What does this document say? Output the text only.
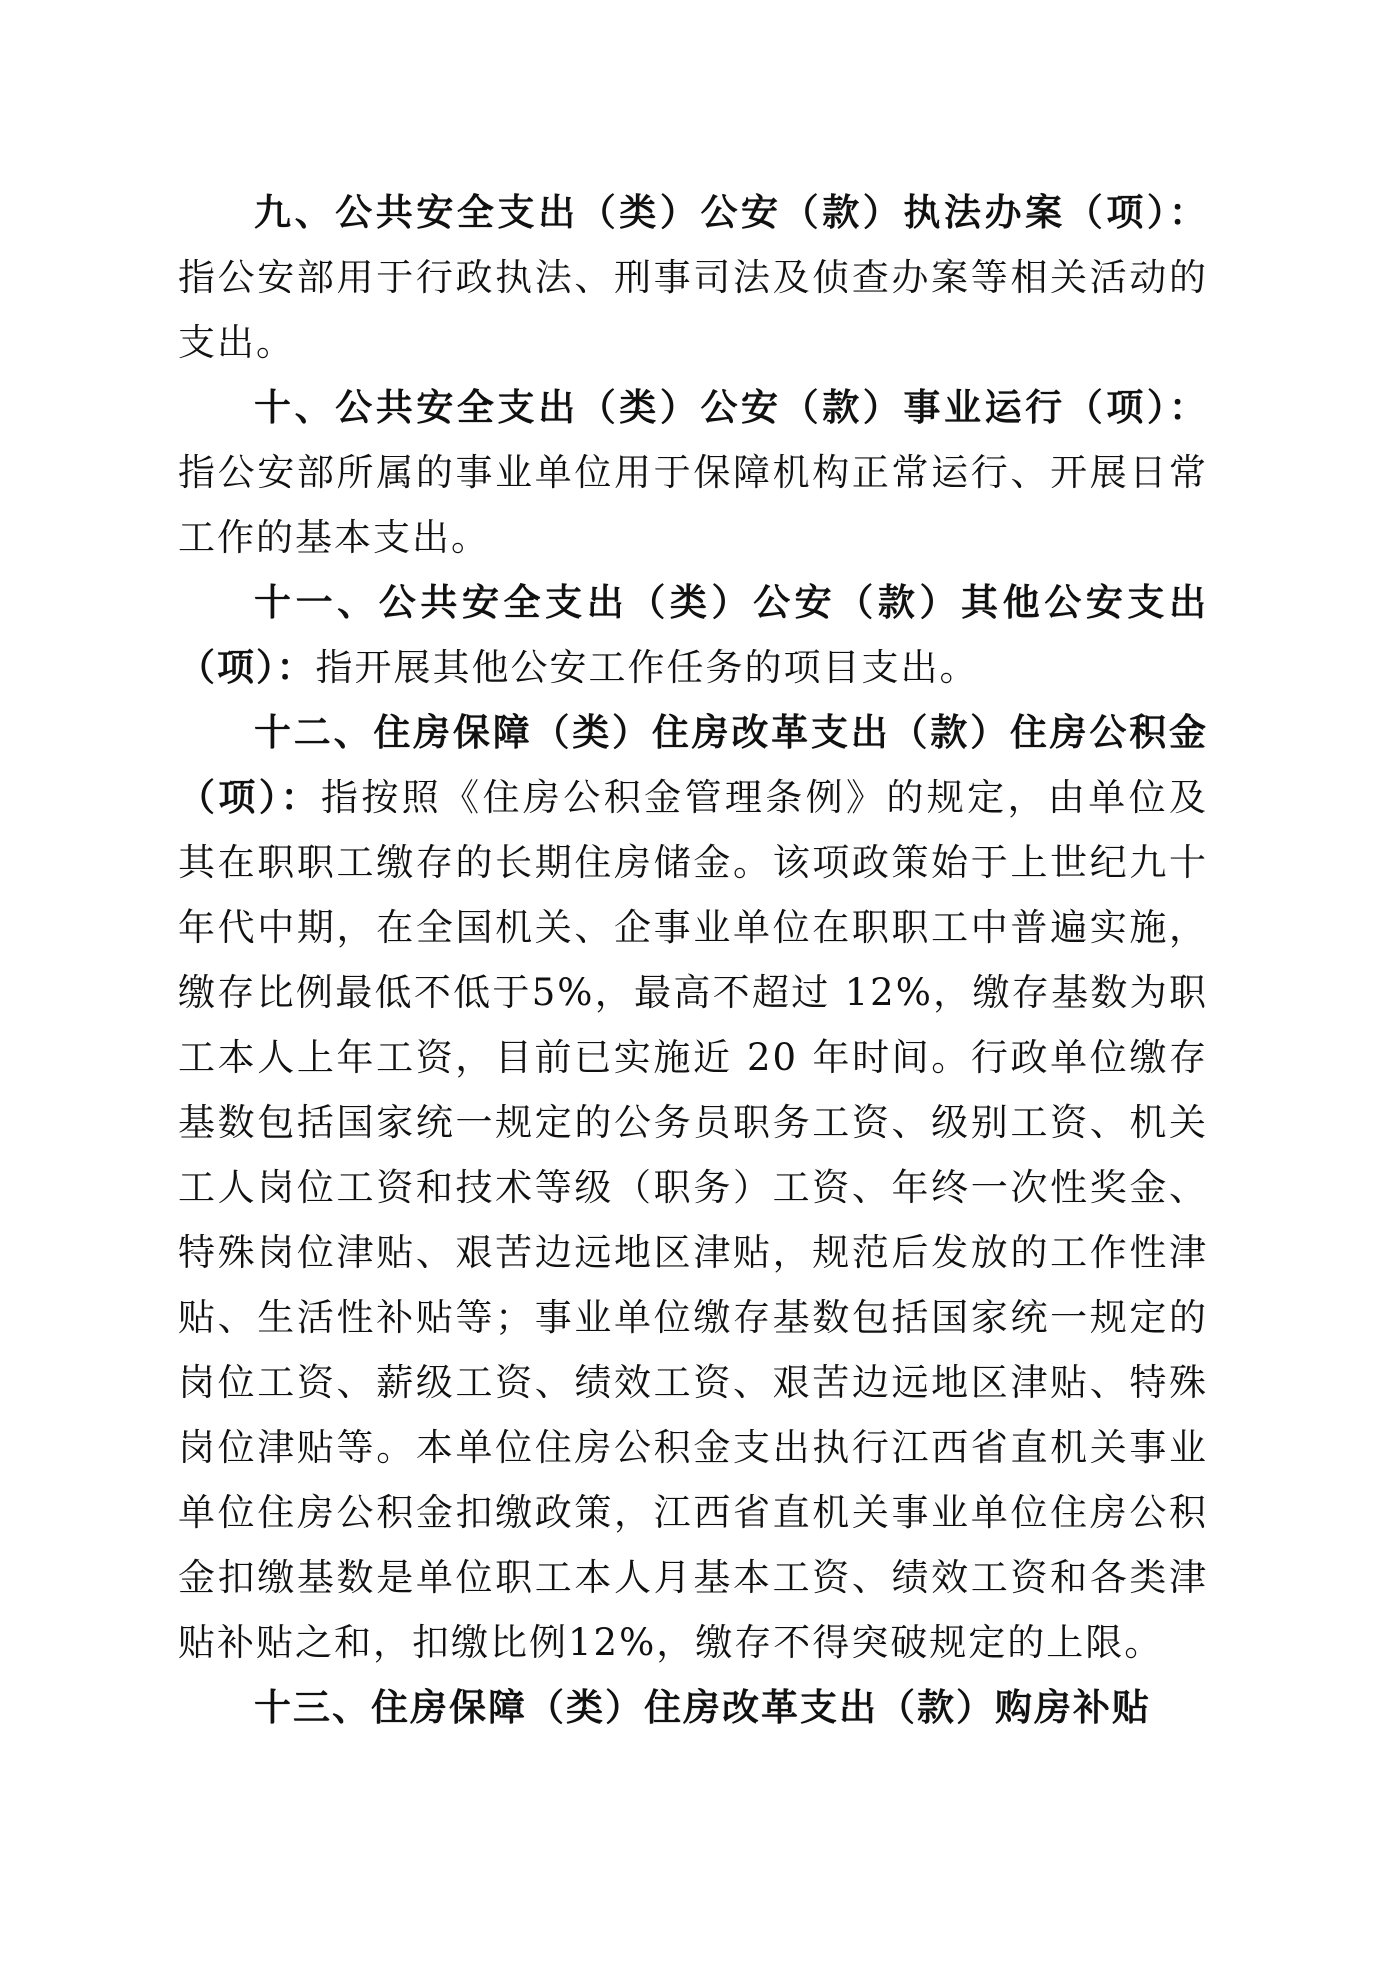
九、公共安全支出（类）公安（款）执法办案（项）：指公安部用于行政执法、刑事司法及侦查办案等相关活动的支出。

十、公共安全支出（类）公安（款）事业运行（项）：指公安部所属的事业单位用于保障机构正常运行、开展日常工作的基本支出。

十一、公共安全支出（类）公安（款）其他公安支出（项）：指开展其他公安工作任务的项目支出。

十二、住房保障（类）住房改革支出（款）住房公积金（项）：指按照《住房公积金管理条例》的规定，由单位及其在职职工缴存的长期住房储金。该项政策始于上世纪九十年代中期，在全国机关、企事业单位在职职工中普遍实施，缴存比例最低不低于5%，最高不超过 12%，缴存基数为职工本人上年工资，目前已实施近 20 年时间。行政单位缴存基数包括国家统一规定的公务员职务工资、级别工资、机关工人岗位工资和技术等级（职务）工资、年终一次性奖金、特殊岗位津贴、艰苦边远地区津贴，规范后发放的工作性津贴、生活性补贴等；事业单位缴存基数包括国家统一规定的岗位工资、薪级工资、绩效工资、艰苦边远地区津贴、特殊岗位津贴等。本单位住房公积金支出执行江西省直机关事业单位住房公积金扣缴政策，江西省直机关事业单位住房公积金扣缴基数是单位职工本人月基本工资、绩效工资和各类津贴补贴之和，扣缴比例12%，缴存不得突破规定的上限。

十三、住房保障（类）住房改革支出（款）购房补贴
